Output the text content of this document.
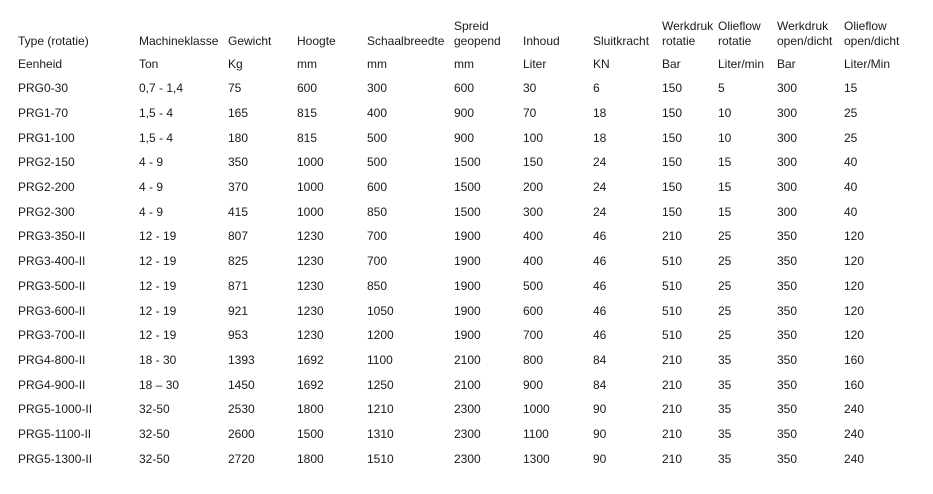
Type (rotatie)	Machineklasse	Gewicht	Hoogte	Schaalbreedte	Spreid geopend	Inhoud	Sluitkracht	Werkdruk rotatie	Olieflow rotatie	Werkdruk open/dicht	Olieflow open/dicht
Eenheid	Ton	Kg	mm	mm	mm	Liter	KN	Bar	Liter/min	Bar	Liter/Min
PRG0-30	0,7 - 1,4	75	600	300	600	30	6	150	5	300	15
PRG1-70	1,5 - 4	165	815	400	900	70	18	150	10	300	25
PRG1-100	1,5 - 4	180	815	500	900	100	18	150	10	300	25
PRG2-150	4 - 9	350	1000	500	1500	150	24	150	15	300	40
PRG2-200	4 - 9	370	1000	600	1500	200	24	150	15	300	40
PRG2-300	4 - 9	415	1000	850	1500	300	24	150	15	300	40
PRG3-350-II	12 - 19	807	1230	700	1900	400	46	210	25	350	120
PRG3-400-II	12 - 19	825	1230	700	1900	400	46	510	25	350	120
PRG3-500-II	12 - 19	871	1230	850	1900	500	46	510	25	350	120
PRG3-600-II	12 - 19	921	1230	1050	1900	600	46	510	25	350	120
PRG3-700-II	12 - 19	953	1230	1200	1900	700	46	510	25	350	120
PRG4-800-II	18 - 30	1393	1692	1100	2100	800	84	210	35	350	160
PRG4-900-II	18 – 30	1450	1692	1250	2100	900	84	210	35	350	160
PRG5-1000-II	32-50	2530	1800	1210	2300	1000	90	210	35	350	240
PRG5-1100-II	32-50	2600	1500	1310	2300	1100	90	210	35	350	240
PRG5-1300-II	32-50	2720	1800	1510	2300	1300	90	210	35	350	240
